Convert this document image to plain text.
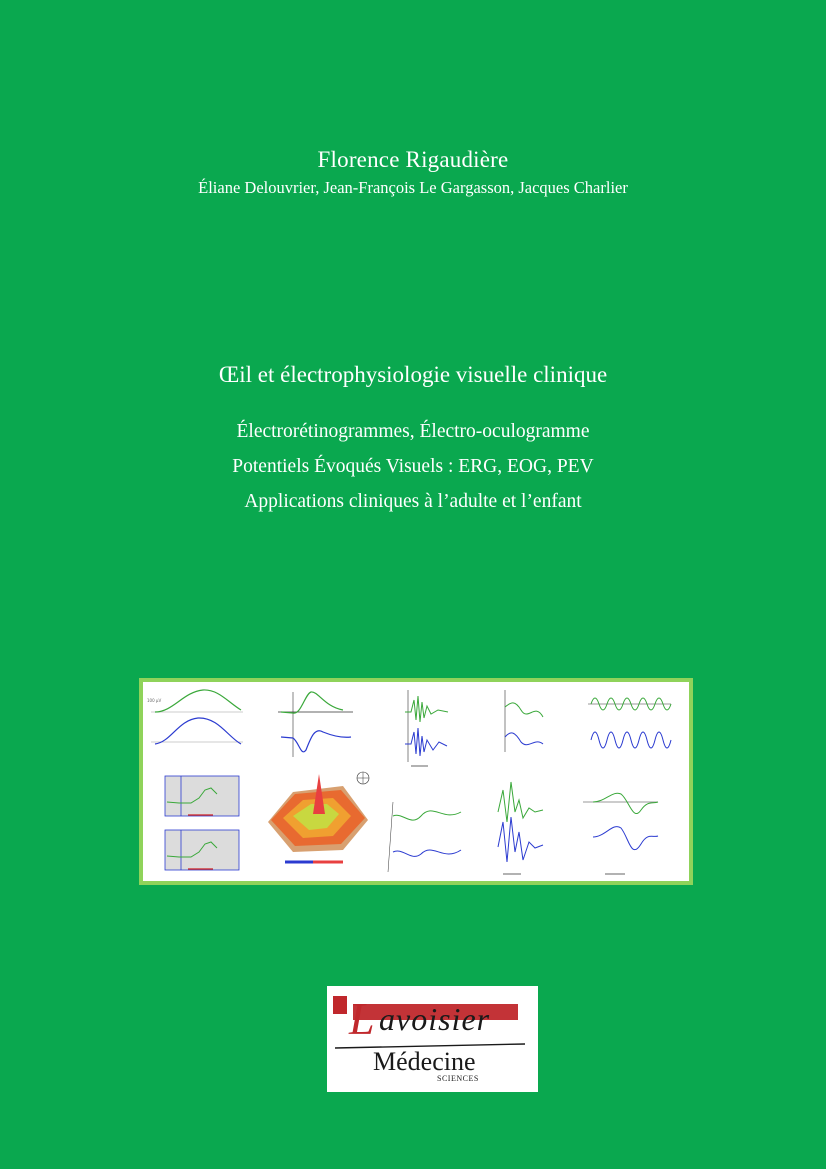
Florence Rigaudière
Éliane Delouvrier, Jean-François Le Gargasson, Jacques Charlier
Œil et électrophysiologie visuelle clinique
Électrorétinogrammes, Électro-oculogramme
Potentiels Évoqués Visuels : ERG, EOG, PEV
Applications cliniques à l’adulte et l’enfant
100 µV
L avoisier
Médecine
SCIENCES
